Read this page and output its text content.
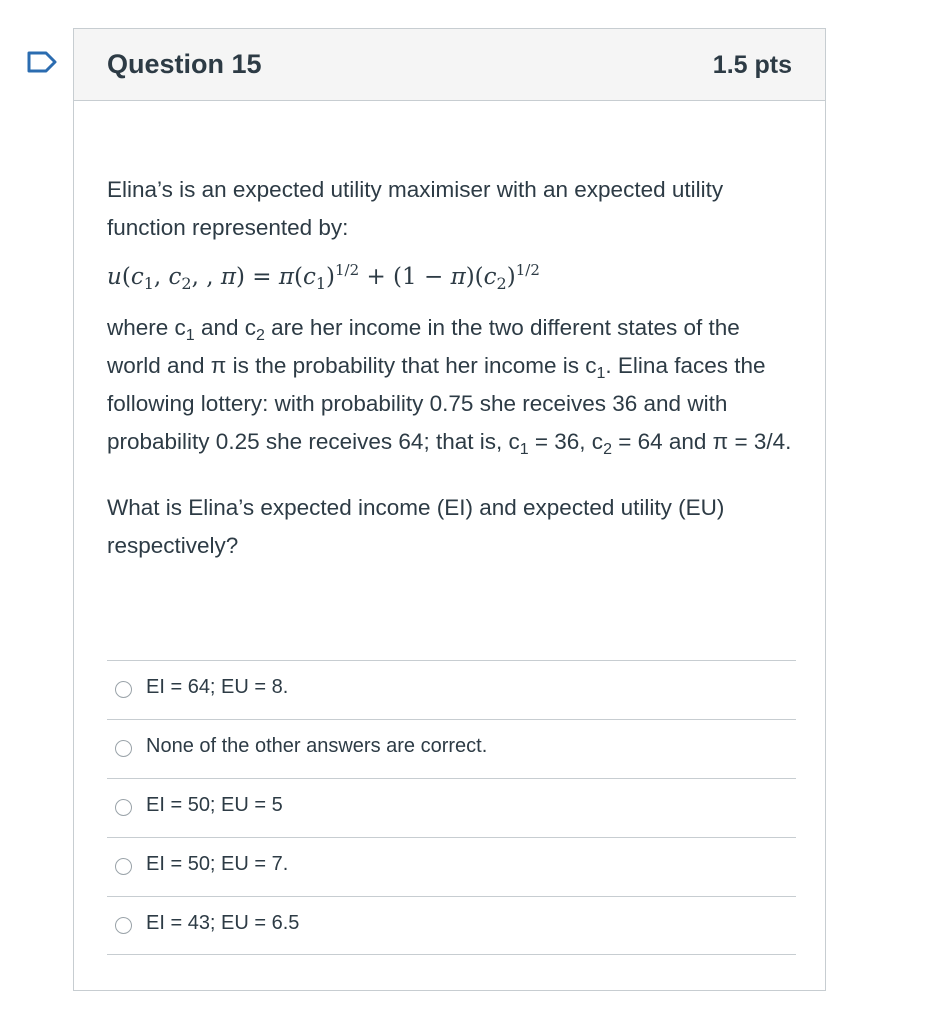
Question 15	1.5 pts

Elina’s is an expected utility maximiser with an expected utility function represented by:

$u(c_1$, $c_2$, , $\pi) = \pi(c_1)^{1/2} + (1 - \pi)(c_2)^{1/2}$

where $c_1$ and $c_2$ are her income in the two different states of the world and π is the probability that her income is $c_1$. Elina faces the following lottery: with probability 0.75 she receives 36 and with probability 0.25 she receives 64; that is, $c_1 = 36$, $c_2 = 64$ and π = 3/4.

What is Elina’s expected income (EI) and expected utility (EU) respectively?

EI = 64; EU = 8.
None of the other answers are correct.
EI = 50; EU = 5
EI = 50; EU = 7.
EI = 43; EU = 6.5
